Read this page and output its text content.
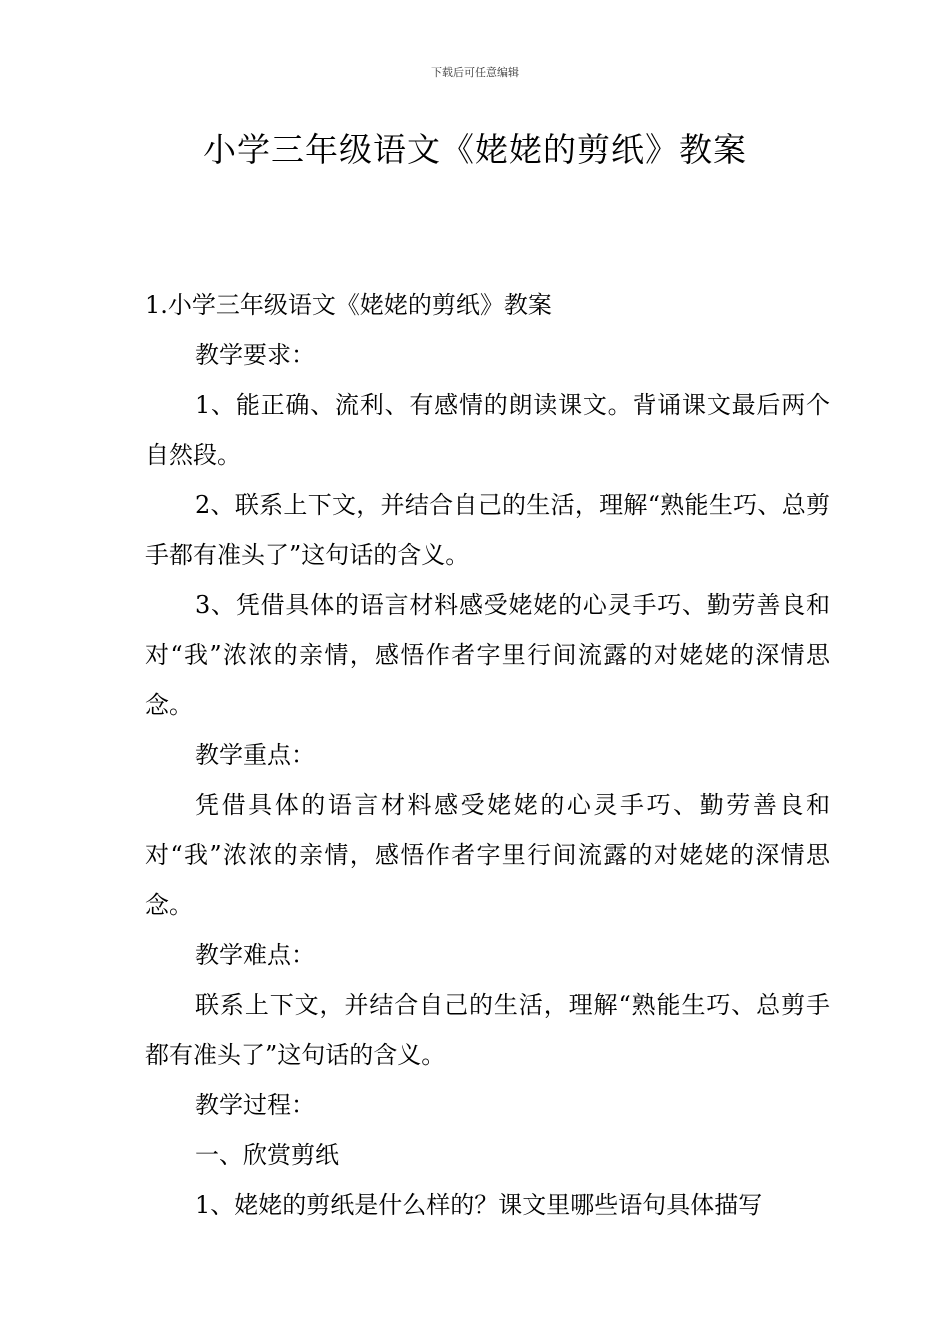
下载后可任意编辑
小学三年级语文《姥姥的剪纸》教案

1.小学三年级语文《姥姥的剪纸》教案

教学要求：

1、能正确、流利、有感情的朗读课文。背诵课文最后两个自然段。

2、联系上下文，并结合自己的生活，理解“熟能生巧、总剪手都有准头了”这句话的含义。

3、凭借具体的语言材料感受姥姥的心灵手巧、勤劳善良和对“我”浓浓的亲情，感悟作者字里行间流露的对姥姥的深情思念。

教学重点：

凭借具体的语言材料感受姥姥的心灵手巧、勤劳善良和对“我”浓浓的亲情，感悟作者字里行间流露的对姥姥的深情思念。

教学难点：

联系上下文，并结合自己的生活，理解“熟能生巧、总剪手都有准头了”这句话的含义。

教学过程：

一、欣赏剪纸

1、姥姥的剪纸是什么样的？课文里哪些语句具体描写
